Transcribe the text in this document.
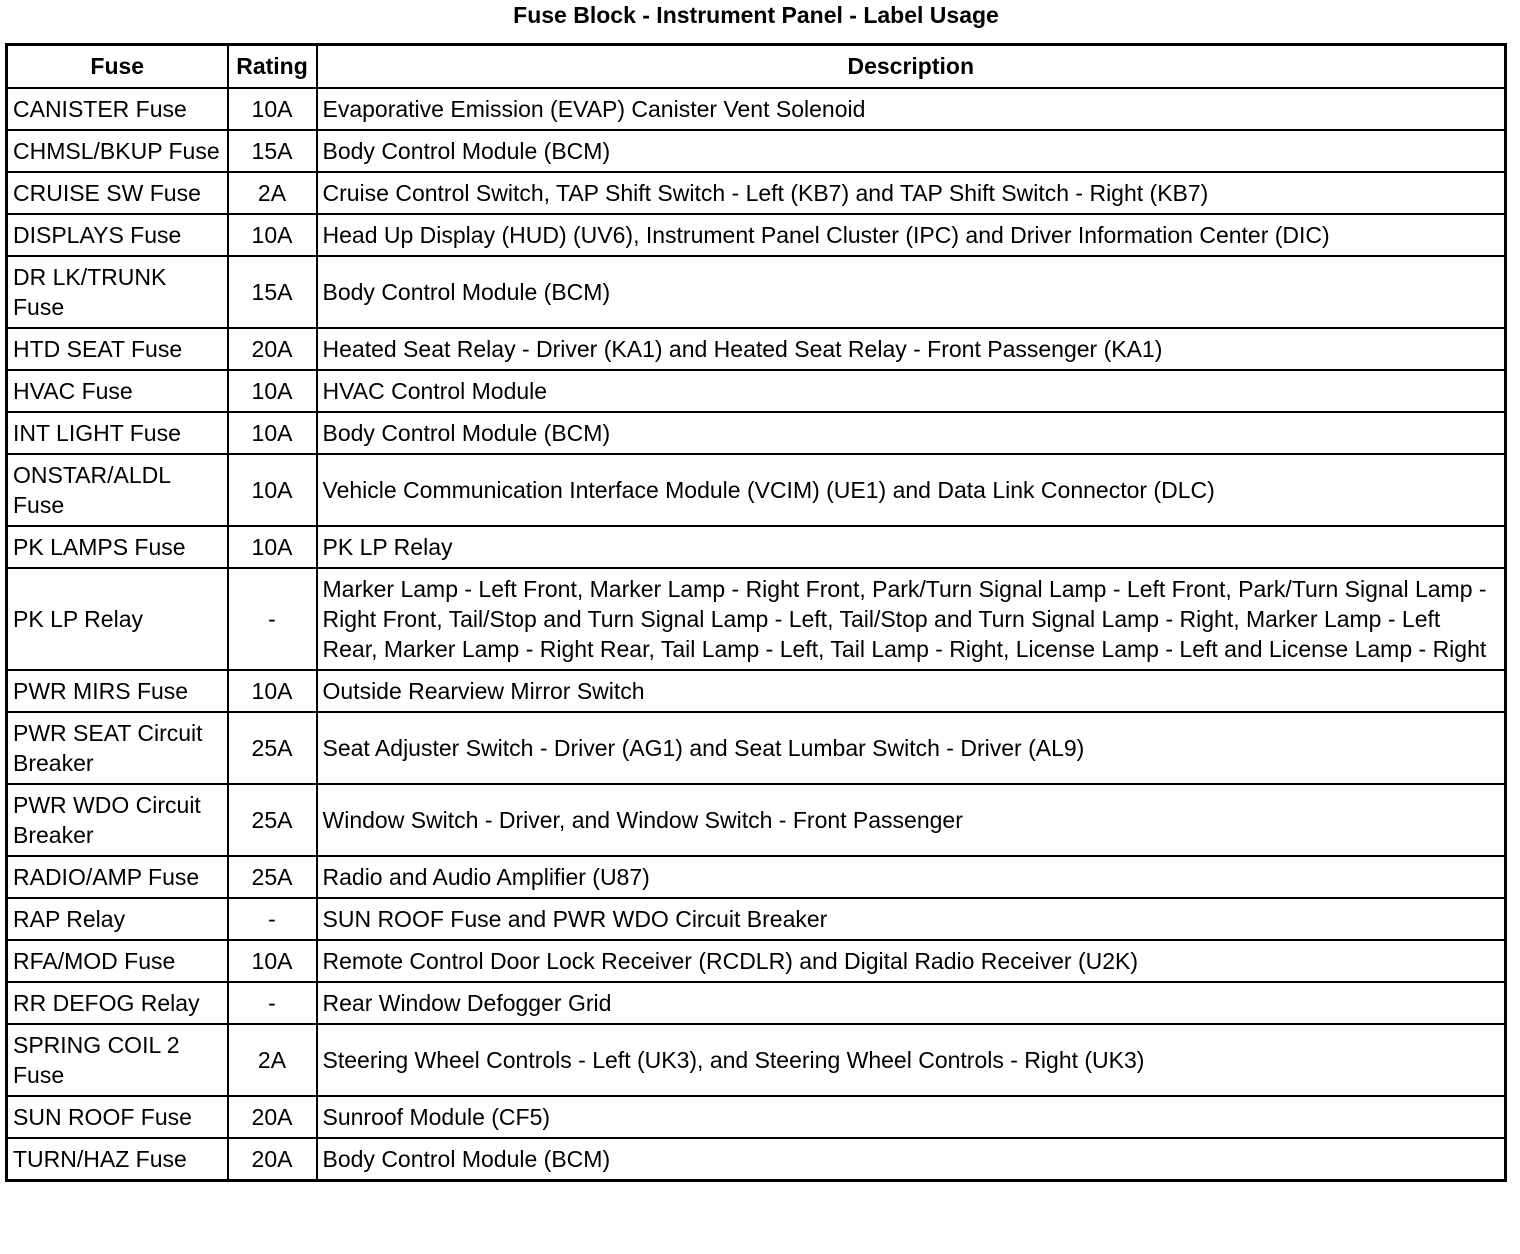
Fuse Block - Instrument Panel - Label Usage
Fuse	Rating	Description
CANISTER Fuse	10A	Evaporative Emission (EVAP) Canister Vent Solenoid
CHMSL/BKUP Fuse	15A	Body Control Module (BCM)
CRUISE SW Fuse	2A	Cruise Control Switch, TAP Shift Switch - Left (KB7) and TAP Shift Switch - Right (KB7)
DISPLAYS Fuse	10A	Head Up Display (HUD) (UV6), Instrument Panel Cluster (IPC) and Driver Information Center (DIC)
DR LK/TRUNK Fuse	15A	Body Control Module (BCM)
HTD SEAT Fuse	20A	Heated Seat Relay - Driver (KA1) and Heated Seat Relay - Front Passenger (KA1)
HVAC Fuse	10A	HVAC Control Module
INT LIGHT Fuse	10A	Body Control Module (BCM)
ONSTAR/ALDL Fuse	10A	Vehicle Communication Interface Module (VCIM) (UE1) and Data Link Connector (DLC)
PK LAMPS Fuse	10A	PK LP Relay
PK LP Relay	-	Marker Lamp - Left Front, Marker Lamp - Right Front, Park/Turn Signal Lamp - Left Front, Park/Turn Signal Lamp - Right Front, Tail/Stop and Turn Signal Lamp - Left, Tail/Stop and Turn Signal Lamp - Right, Marker Lamp - Left Rear, Marker Lamp - Right Rear, Tail Lamp - Left, Tail Lamp - Right, License Lamp - Left and License Lamp - Right
PWR MIRS Fuse	10A	Outside Rearview Mirror Switch
PWR SEAT Circuit Breaker	25A	Seat Adjuster Switch - Driver (AG1) and Seat Lumbar Switch - Driver (AL9)
PWR WDO Circuit Breaker	25A	Window Switch - Driver, and Window Switch - Front Passenger
RADIO/AMP Fuse	25A	Radio and Audio Amplifier (U87)
RAP Relay	-	SUN ROOF Fuse and PWR WDO Circuit Breaker
RFA/MOD Fuse	10A	Remote Control Door Lock Receiver (RCDLR) and Digital Radio Receiver (U2K)
RR DEFOG Relay	-	Rear Window Defogger Grid
SPRING COIL 2 Fuse	2A	Steering Wheel Controls - Left (UK3), and Steering Wheel Controls - Right (UK3)
SUN ROOF Fuse	20A	Sunroof Module (CF5)
TURN/HAZ Fuse	20A	Body Control Module (BCM)
